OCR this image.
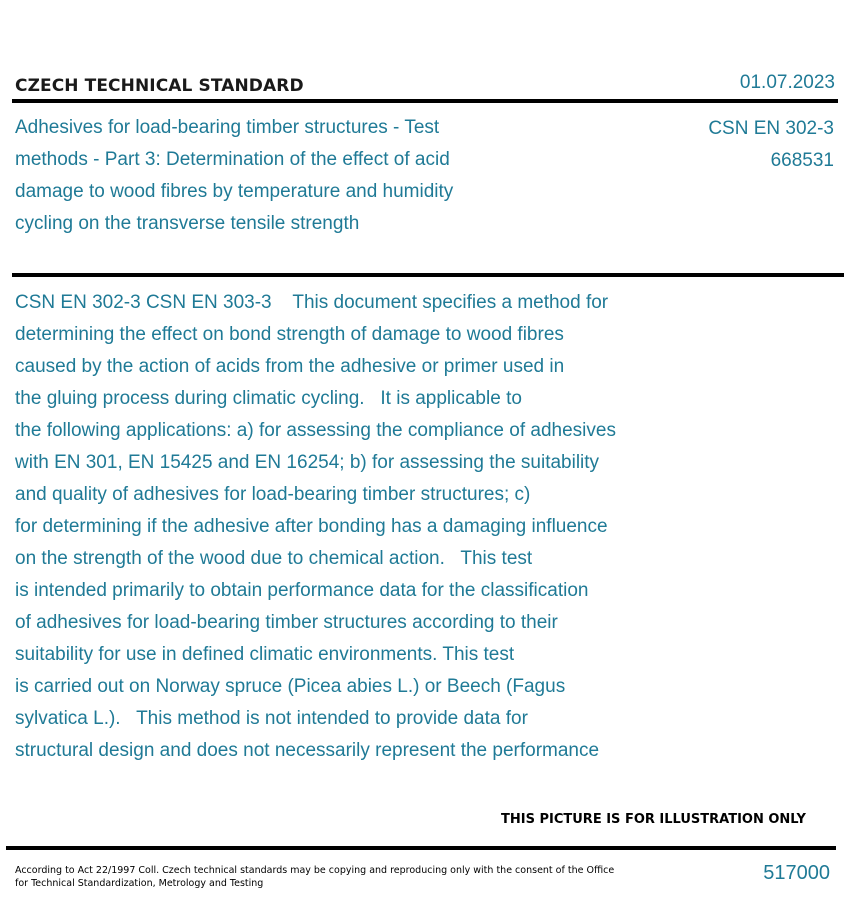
CZECH TECHNICAL STANDARD	01.07.2023
Adhesives for load-bearing timber structures - Test
methods - Part 3: Determination of the effect of acid
damage to wood fibres by temperature and humidity
cycling on the transverse tensile strength
CSN EN 302-3
668531
CSN EN 302-3 CSN EN 303-3    This document specifies a method for
determining the effect on bond strength of damage to wood fibres
caused by the action of acids from the adhesive or primer used in
the gluing process during climatic cycling.   It is applicable to
the following applications: a) for assessing the compliance of adhesives
with EN 301, EN 15425 and EN 16254; b) for assessing the suitability
and quality of adhesives for load-bearing timber structures; c)
for determining if the adhesive after bonding has a damaging influence
on the strength of the wood due to chemical action.   This test
is intended primarily to obtain performance data for the classification
of adhesives for load-bearing timber structures according to their
suitability for use in defined climatic environments. This test
is carried out on Norway spruce (Picea abies L.) or Beech (Fagus
sylvatica L.).   This method is not intended to provide data for
structural design and does not necessarily represent the performance
THIS PICTURE IS FOR ILLUSTRATION ONLY
According to Act 22/1997 Coll. Czech technical standards may be copying and reproducing only with the consent of the Office
for Technical Standardization, Metrology and Testing	517000
